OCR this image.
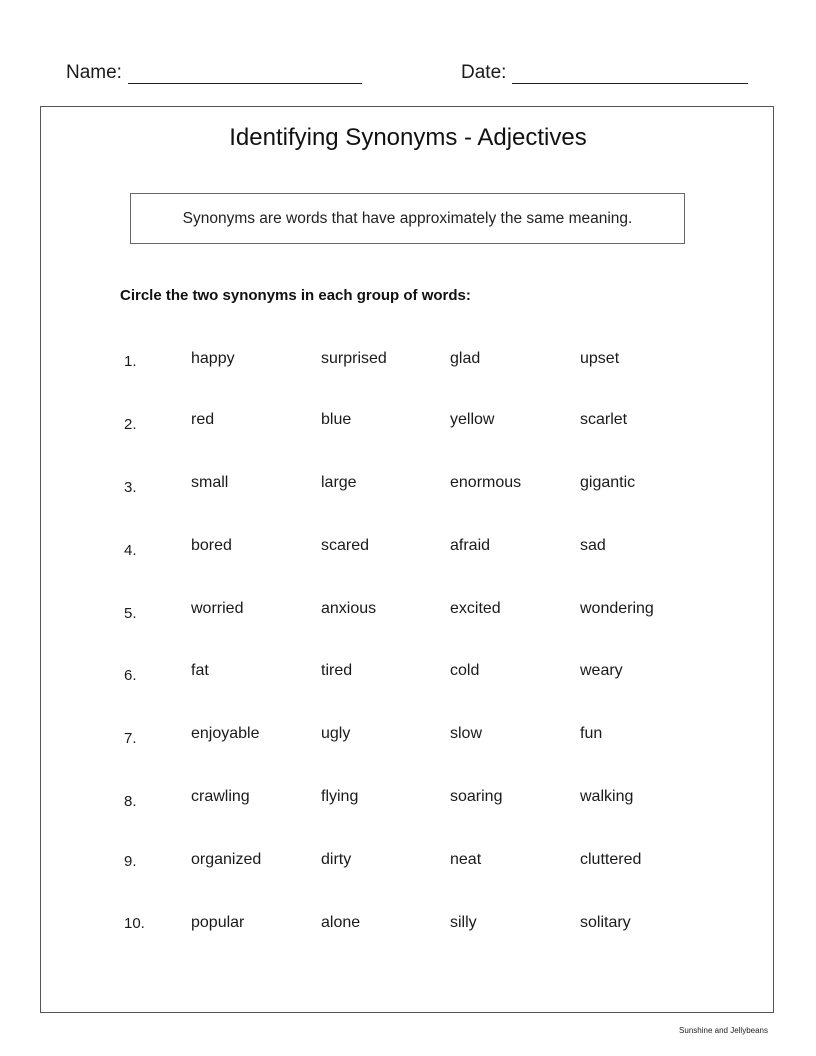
Name:	Date:
Identifying Synonyms - Adjectives
Synonyms are words that have approximately the same meaning.
Circle the two synonyms in each group of words:
1.	happy	surprised	glad	upset
2.	red	blue	yellow	scarlet
3.	small	large	enormous	gigantic
4.	bored	scared	afraid	sad
5.	worried	anxious	excited	wondering
6.	fat	tired	cold	weary
7.	enjoyable	ugly	slow	fun
8.	crawling	flying	soaring	walking
9.	organized	dirty	neat	cluttered
10.	popular	alone	silly	solitary
Sunshine and Jellybeans
